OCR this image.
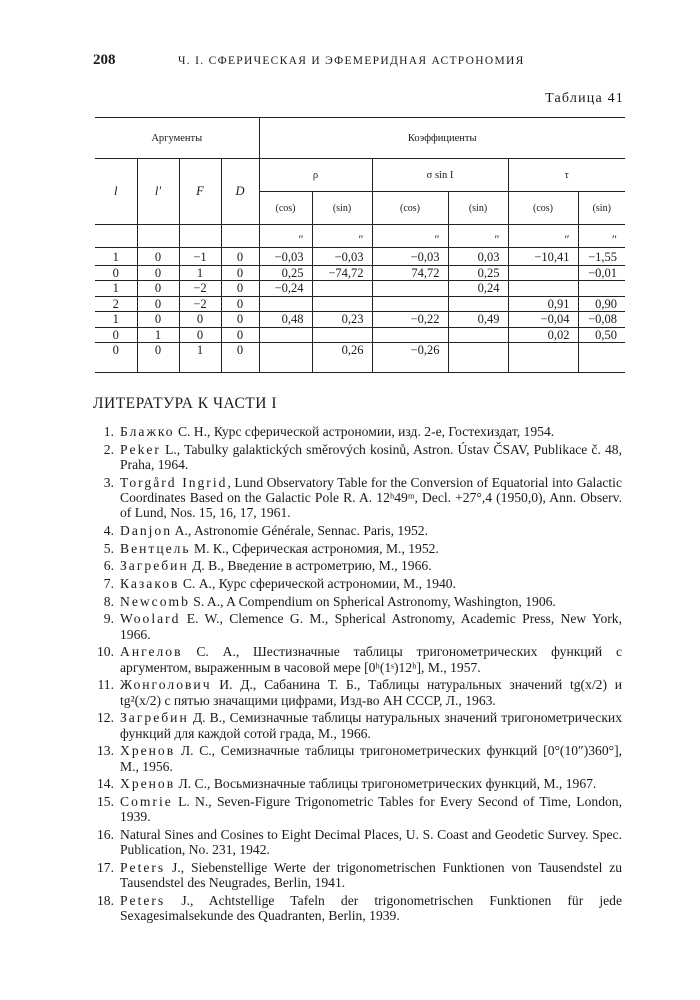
208	Ч. I. СФЕРИЧЕСКАЯ И ЭФЕМЕРИДНАЯ АСТРОНОМИЯ
Таблица 41
Аргументы				Коэффициенты					
l	l'	F	D	ρ		σ sin I		τ	
				(cos)	(sin)	(cos)	(sin)	(cos)	(sin)
				″	″	″	″	″	″
1	0	−1	0	−0,03	−0,03	−0,03	0,03	−10,41	−1,55
0	0	1	0	0,25	−74,72	74,72	0,25		−0,01
1	0	−2	0	−0,24			0,24		
2	0	−2	0					0,91	0,90
1	0	0	0	0,48	0,23	−0,22	0,49	−0,04	−0,08
0	1	0	0					0,02	0,50
0	0	1	0		0,26	−0,26			
ЛИТЕРАТУРА К ЧАСТИ I
1. Блажко С. Н., Курс сферической астрономии, изд. 2-е, Гостехиздат, 1954.
2. Peker L., Tabulky galaktických směrových kosinů, Astron. Ústav ČSAV, Publikace č. 48, Praha, 1964.
3. Torgård Ingrid, Lund Observatory Table for the Conversion of Equatorial into Galactic Coordinates Based on the Galactic Pole R. A. 12ʰ49ᵐ, Decl. +27°,4 (1950,0), Ann. Observ. of Lund, Nos. 15, 16, 17, 1961.
4. Danjon A., Astronomie Générale, Sennac. Paris, 1952.
5. Вентцель М. К., Сферическая астрономия, М., 1952.
6. Загребин Д. В., Введение в астрометрию, М., 1966.
7. Казаков С. А., Курс сферической астрономии, М., 1940.
8. Newcomb S. A., A Compendium on Spherical Astronomy, Washington, 1906.
9. Woolard E. W., Clemence G. M., Spherical Astronomy, Academic Press, New York, 1966.
10. Ангелов С. А., Шестизначные таблицы тригонометрических функций с аргументом, выраженным в часовой мере [0ʰ(1ˢ)12ʰ], М., 1957.
11. Жонголович И. Д., Сабанина Т. Б., Таблицы натуральных значений tg(x/2) и tg²(x/2) с пятью значащими цифрами, Изд-во АН СССР, Л., 1963.
12. Загребин Д. В., Семизначные таблицы натуральных значений тригонометрических функций для каждой сотой града, М., 1966.
13. Хренов Л. С., Семизначные таблицы тригонометрических функций [0°(10″)360°], М., 1956.
14. Хренов Л. С., Восьмизначные таблицы тригонометрических функций, М., 1967.
15. Comrie L. N., Seven-Figure Trigonometric Tables for Every Second of Time, London, 1939.
16. Natural Sines and Cosines to Eight Decimal Places, U. S. Coast and Geodetic Survey. Spec. Publication, No. 231, 1942.
17. Peters J., Siebenstellige Werte der trigonometrischen Funktionen von Tausendstel zu Tausendstel des Neugrades, Berlin, 1941.
18. Peters J., Achtstellige Tafeln der trigonometrischen Funktionen für jede Sexagesimalsekunde des Quadranten, Berlin, 1939.
